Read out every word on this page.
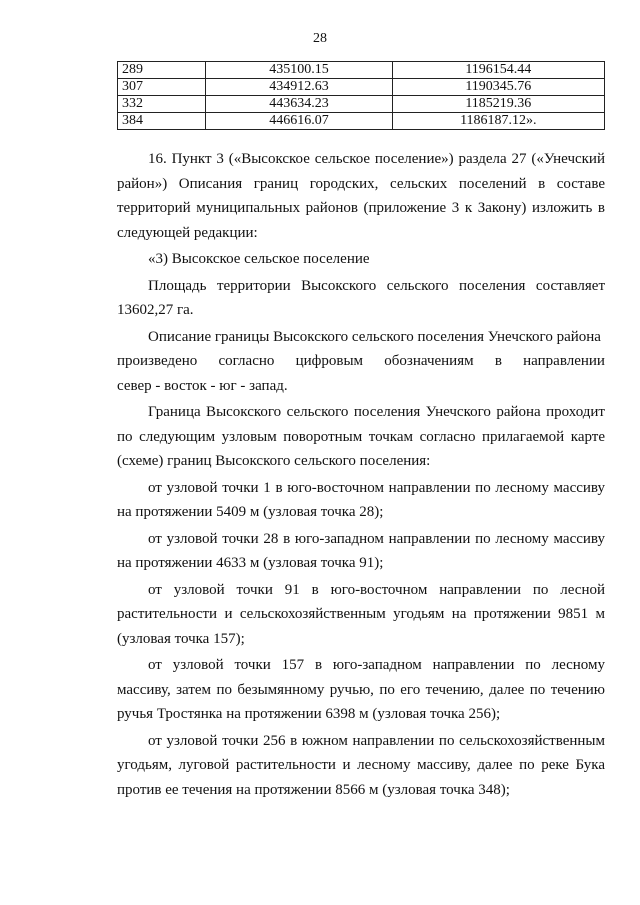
28
289	435100.15	1196154.44
307	434912.63	1190345.76
332	443634.23	1185219.36
384	446616.07	1186187.12».

16. Пункт 3 («Высокское сельское поселение») раздела 27 («Унечский район») Описания границ городских, сельских поселений в составе территорий муниципальных районов (приложение 3 к Закону) изложить в следующей редакции:

«3) Высокское сельское поселение

Площадь территории Высокского сельского поселения составляет 13602,27 га.

Описание границы Высокского сельского поселения Унечского района

произведено согласно цифровым обозначениям в направлении
север - восток - юг - запад.

Граница Высокского сельского поселения Унечского района проходит по следующим узловым поворотным точкам согласно прилагаемой карте (схеме) границ Высокского сельского поселения:

от узловой точки 1 в юго-восточном направлении по лесному массиву на протяжении 5409 м (узловая точка 28);

от узловой точки 28 в юго-западном направлении по лесному массиву на протяжении 4633 м (узловая точка 91);

от узловой точки 91 в юго-восточном направлении по лесной растительности и сельскохозяйственным угодьям на протяжении 9851 м (узловая точка 157);

от узловой точки 157 в юго-западном направлении по лесному массиву, затем по безымянному ручью, по его течению, далее по течению ручья Тростянка на протяжении 6398 м (узловая точка 256);

от узловой точки 256 в южном направлении по сельскохозяйственным угодьям, луговой растительности и лесному массиву, далее по реке Бука против ее течения на протяжении 8566 м (узловая точка 348);
